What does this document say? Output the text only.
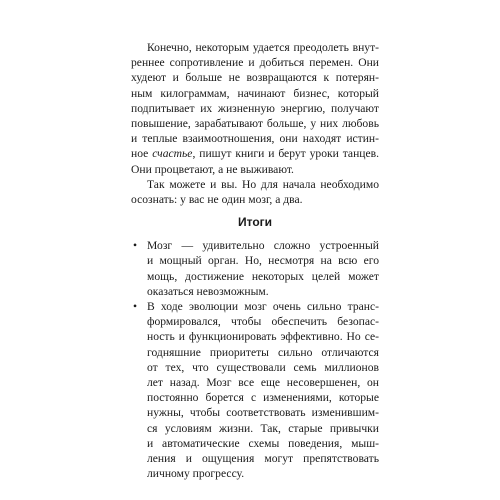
Конечно, некоторым удается преодолеть внут-

реннее сопротивление и добиться перемен. Они

худеют и больше не возвращаются к потерян-

ным килограммам, начинают бизнес, который

подпитывает их жизненную энергию, получают

повышение, зарабатывают больше, у них любовь

и теплые взаимоотношения, они находят истин-

ное счастье, пишут книги и берут уроки танцев.

Они процветают, а не выживают.

Так можете и вы. Но для начала необходимо

осознать: у вас не один мозг, а два.

Итоги
• Мозг — удивительно сложно устроенный

и мощный орган. Но, несмотря на всю его

мощь, достижение некоторых целей может

оказаться невозможным.

• В ходе эволюции мозг очень сильно транс-

формировался, чтобы обеспечить безопас-

ность и функционировать эффективно. Но се-

годняшние приоритеты сильно отличаются

от тех, что существовали семь миллионов

лет назад. Мозг все еще несовершенен, он

постоянно борется с изменениями, которые

нужны, чтобы соответствовать изменившим-

ся условиям жизни. Так, старые привычки

и автоматические схемы поведения, мыш-

ления и ощущения могут препятствовать

личному прогрессу.
